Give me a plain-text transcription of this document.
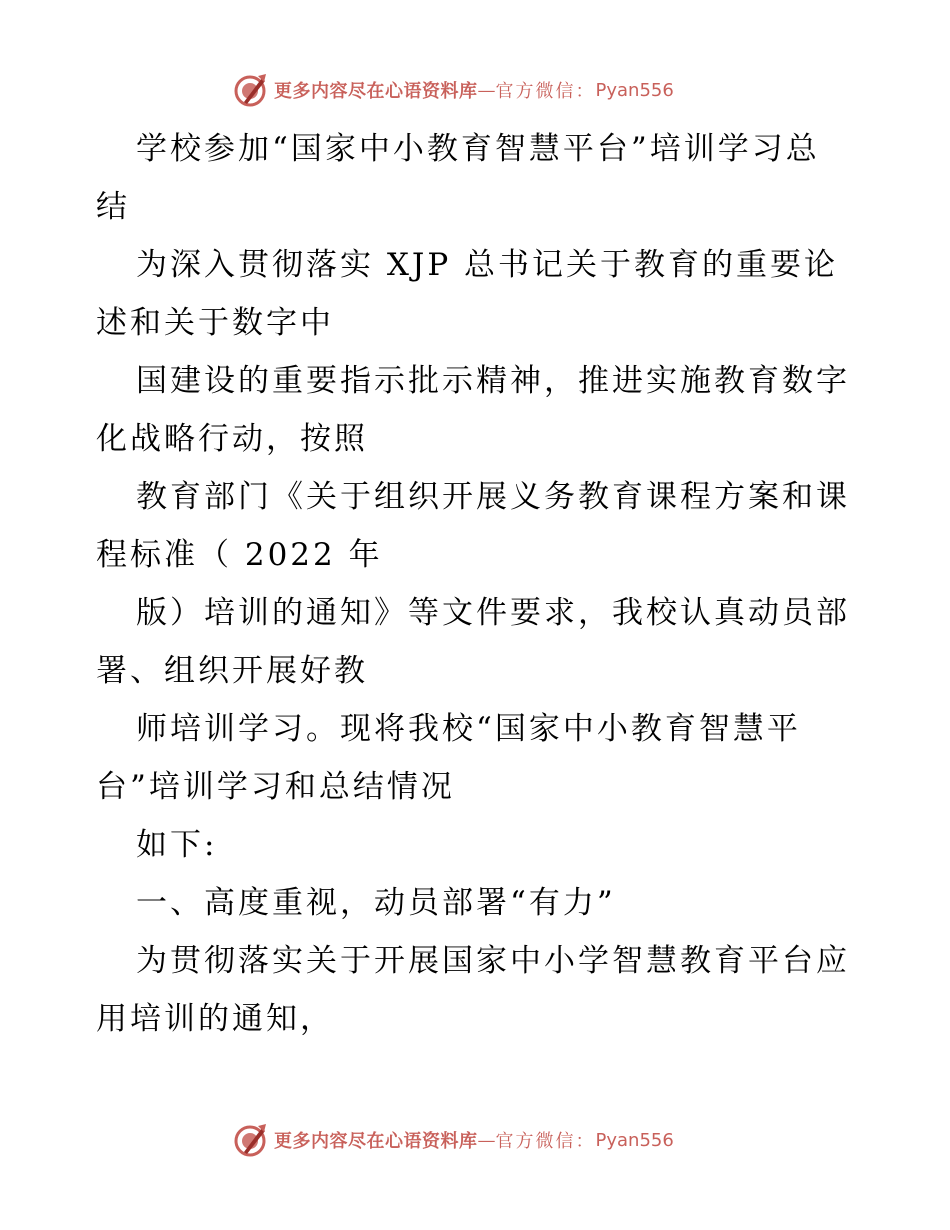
更多内容尽在心语资料库 — 官方微信： Pyan556
学校参加“国家中小教育智慧平台”培训学习总
结
为深入贯彻落实 XJP 总书记关于教育的重要论
述和关于数字中
国建设的重要指示批示精神，推进实施教育数字
化战略行动，按照
教育部门《关于组织开展义务教育课程方案和课
程标准（ 2022 年
版）培训的通知》等文件要求，我校认真动员部
署、组织开展好教
师培训学习。现将我校“国家中小教育智慧平
台”培训学习和总结情况
如下:
一、高度重视，动员部署“有力”
为贯彻落实关于开展国家中小学智慧教育平台应
用培训的通知，
更多内容尽在心语资料库 — 官方微信： Pyan556
